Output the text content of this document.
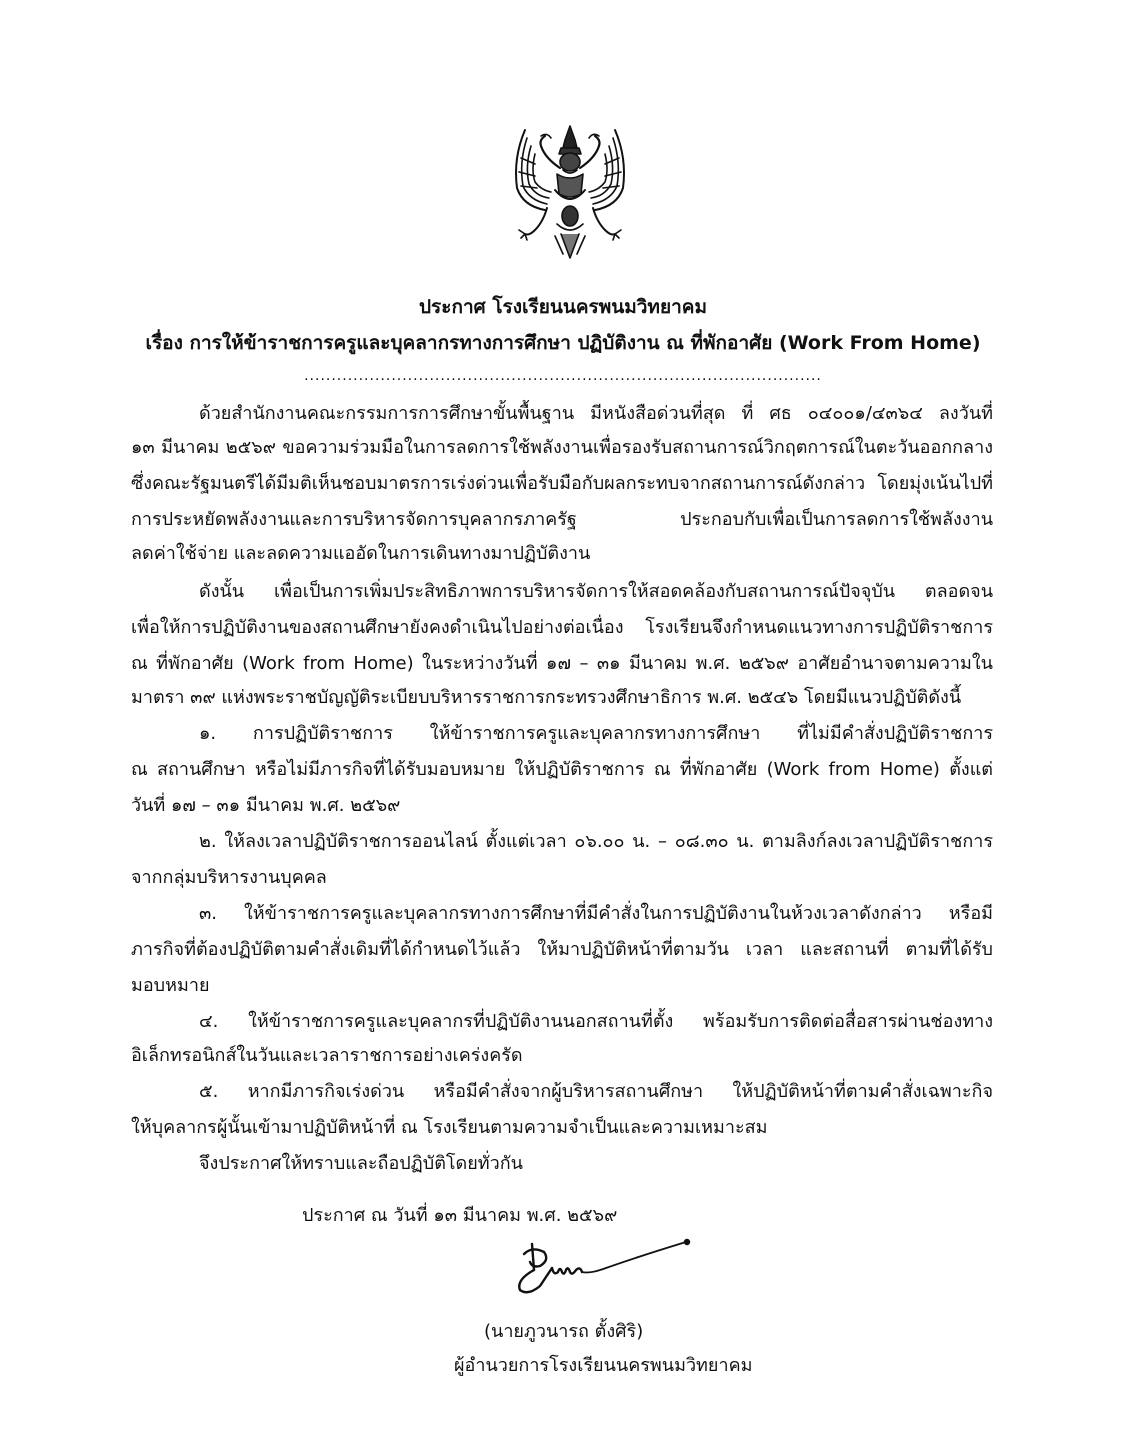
ประกาศ โรงเรียนนครพนมวิทยาคม
เรื่อง การให้ข้าราชการครูและบุคลากรทางการศึกษา ปฏิบัติงาน ณ ที่พักอาศัย (Work From Home)
...............................................................................................
ด้วยสำนักงานคณะกรรมการการศึกษาขั้นพื้นฐาน มีหนังสือด่วนที่สุด ที่ ศธ ๐๔๐๐๑/๔๓๖๔ ลงวันที่
๑๓ มีนาคม ๒๕๖๙ ขอความร่วมมือในการลดการใช้พลังงานเพื่อรองรับสถานการณ์วิกฤตการณ์ในตะวันออกกลาง
ซึ่งคณะรัฐมนตรีได้มีมติเห็นชอบมาตรการเร่งด่วนเพื่อรับมือกับผลกระทบจากสถานการณ์ดังกล่าว โดยมุ่งเน้นไปที่
การประหยัดพลังงานและการบริหารจัดการบุคลากรภาครัฐ ประกอบกับเพื่อเป็นการลดการใช้พลังงาน
ลดค่าใช้จ่าย และลดความแออัดในการเดินทางมาปฏิบัติงาน
ดังนั้น เพื่อเป็นการเพิ่มประสิทธิภาพการบริหารจัดการให้สอดคล้องกับสถานการณ์ปัจจุบัน ตลอดจน
เพื่อให้การปฏิบัติงานของสถานศึกษายังคงดำเนินไปอย่างต่อเนื่อง โรงเรียนจึงกำหนดแนวทางการปฏิบัติราชการ
ณ ที่พักอาศัย (Work from Home) ในระหว่างวันที่ ๑๗ – ๓๑ มีนาคม พ.ศ. ๒๕๖๙ อาศัยอำนาจตามความใน
มาตรา ๓๙ แห่งพระราชบัญญัติระเบียบบริหารราชการกระทรวงศึกษาธิการ พ.ศ. ๒๕๔๖ โดยมีแนวปฏิบัติดังนี้
๑. การปฏิบัติราชการ ให้ข้าราชการครูและบุคลากรทางการศึกษา ที่ไม่มีคำสั่งปฏิบัติราชการ
ณ สถานศึกษา หรือไม่มีภารกิจที่ได้รับมอบหมาย ให้ปฏิบัติราชการ ณ ที่พักอาศัย (Work from Home) ตั้งแต่
วันที่ ๑๗ – ๓๑ มีนาคม พ.ศ. ๒๕๖๙
๒. ให้ลงเวลาปฏิบัติราชการออนไลน์ ตั้งแต่เวลา ๐๖.๐๐ น. – ๐๘.๓๐ น. ตามลิงก์ลงเวลาปฏิบัติราชการ
จากกลุ่มบริหารงานบุคคล
๓. ให้ข้าราชการครูและบุคลากรทางการศึกษาที่มีคำสั่งในการปฏิบัติงานในห้วงเวลาดังกล่าว หรือมี
ภารกิจที่ต้องปฏิบัติตามคำสั่งเดิมที่ได้กำหนดไว้แล้ว ให้มาปฏิบัติหน้าที่ตามวัน เวลา และสถานที่ ตามที่ได้รับ
มอบหมาย
๔. ให้ข้าราชการครูและบุคลากรที่ปฏิบัติงานนอกสถานที่ตั้ง พร้อมรับการติดต่อสื่อสารผ่านช่องทาง
อิเล็กทรอนิกส์ในวันและเวลาราชการอย่างเคร่งครัด
๕. หากมีภารกิจเร่งด่วน หรือมีคำสั่งจากผู้บริหารสถานศึกษา ให้ปฏิบัติหน้าที่ตามคำสั่งเฉพาะกิจ
ให้บุคลากรผู้นั้นเข้ามาปฏิบัติหน้าที่ ณ โรงเรียนตามความจำเป็นและความเหมาะสม
จึงประกาศให้ทราบและถือปฏิบัติโดยทั่วกัน
ประกาศ ณ วันที่ ๑๓ มีนาคม พ.ศ. ๒๕๖๙
(นายภูวนารถ ตั้งศิริ)
ผู้อำนวยการโรงเรียนนครพนมวิทยาคม
